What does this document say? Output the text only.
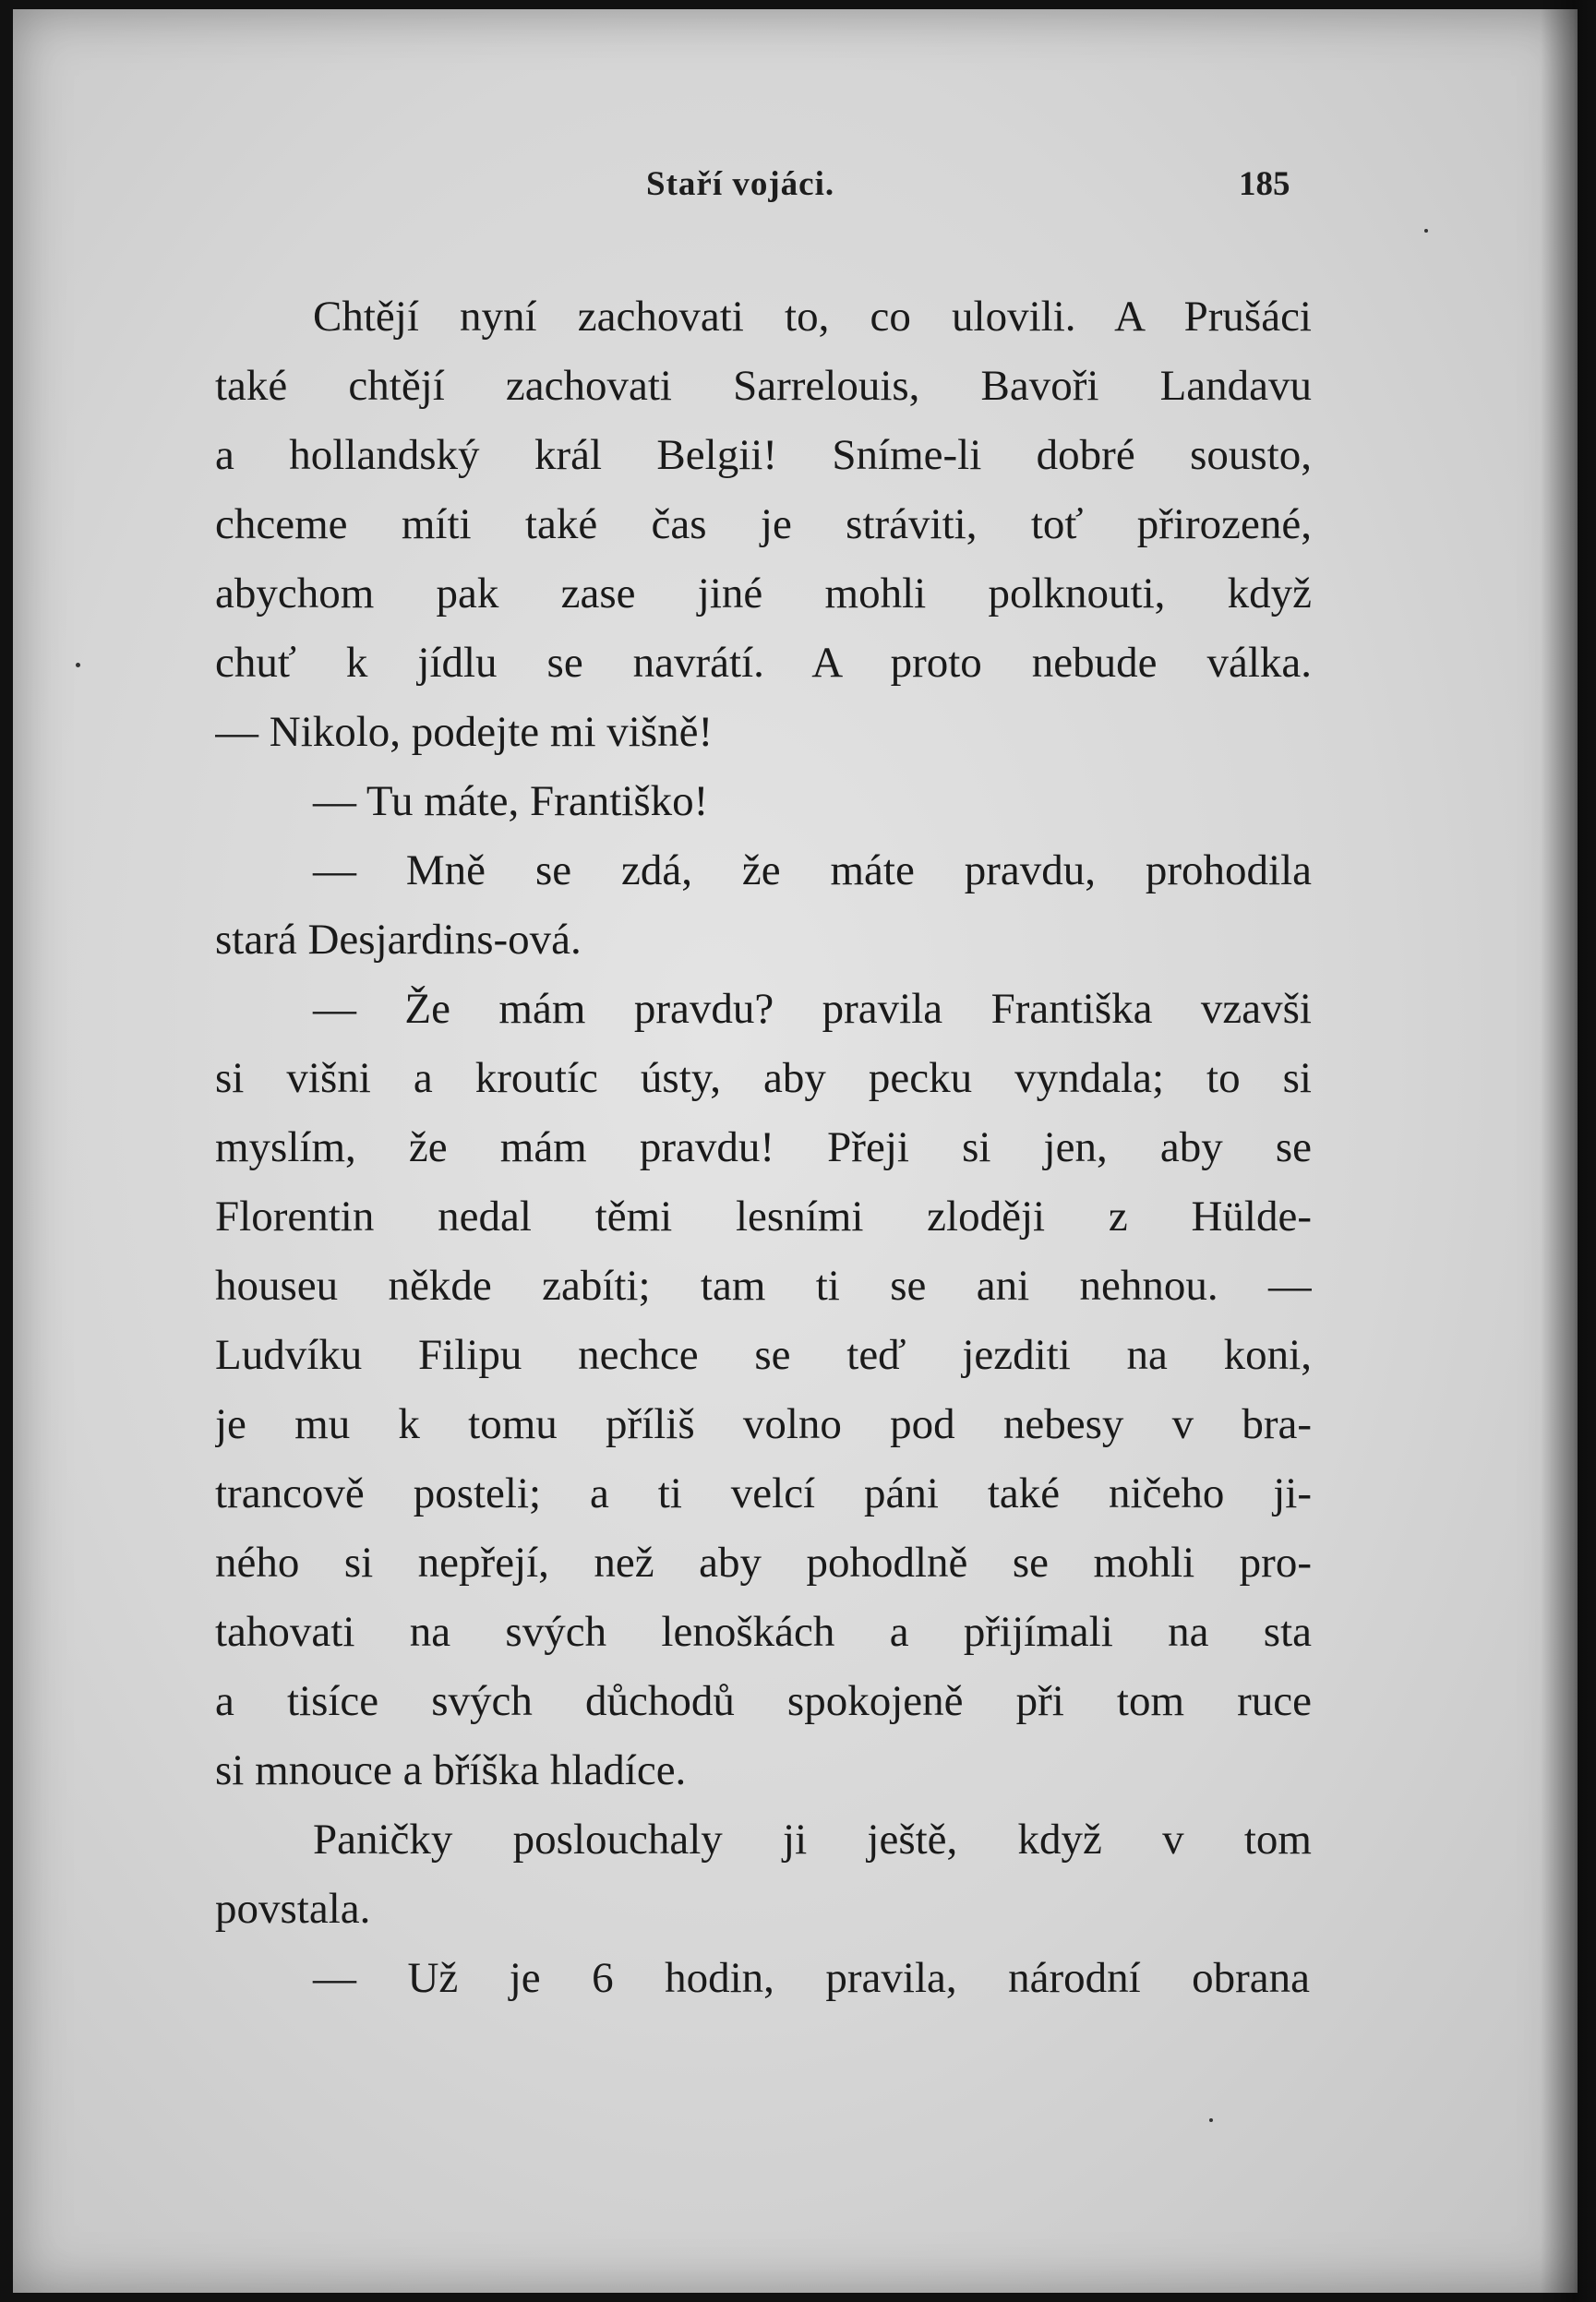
Staří vojáci.	185
Chtějí nyní zachovati to, co ulovili. A Prušáci
také chtějí zachovati Sarrelouis, Bavoři Landavu
a hollandský král Belgii! Sníme-li dobré sousto,
chceme míti také čas je stráviti, toť přirozené,
abychom pak zase jiné mohli polknouti, když
chuť k jídlu se navrátí. A proto nebude válka.
— Nikolo, podejte mi višně!
— Tu máte, Františko!
— Mně se zdá, že máte pravdu, prohodila
stará Desjardins-ová.
— Že mám pravdu? pravila Františka vzavši
si višni a kroutíc ústy, aby pecku vyndala; to si
myslím, že mám pravdu! Přeji si jen, aby se
Florentin nedal těmi lesními zloději z Hülde-
houseu někde zabíti; tam ti se ani nehnou. —
Ludvíku Filipu nechce se teď jezditi na koni,
je mu k tomu příliš volno pod nebesy v bra-
trancově posteli; a ti velcí páni také ničeho ji-
ného si nepřejí, než aby pohodlně se mohli pro-
tahovati na svých lenoškách a přijímali na sta
a tisíce svých důchodů spokojeně při tom ruce
si mnouce a bříška hladíce.
Paničky poslouchaly ji ještě, když v tom
povstala.
— Už je 6 hodin, pravila, národní obrana
